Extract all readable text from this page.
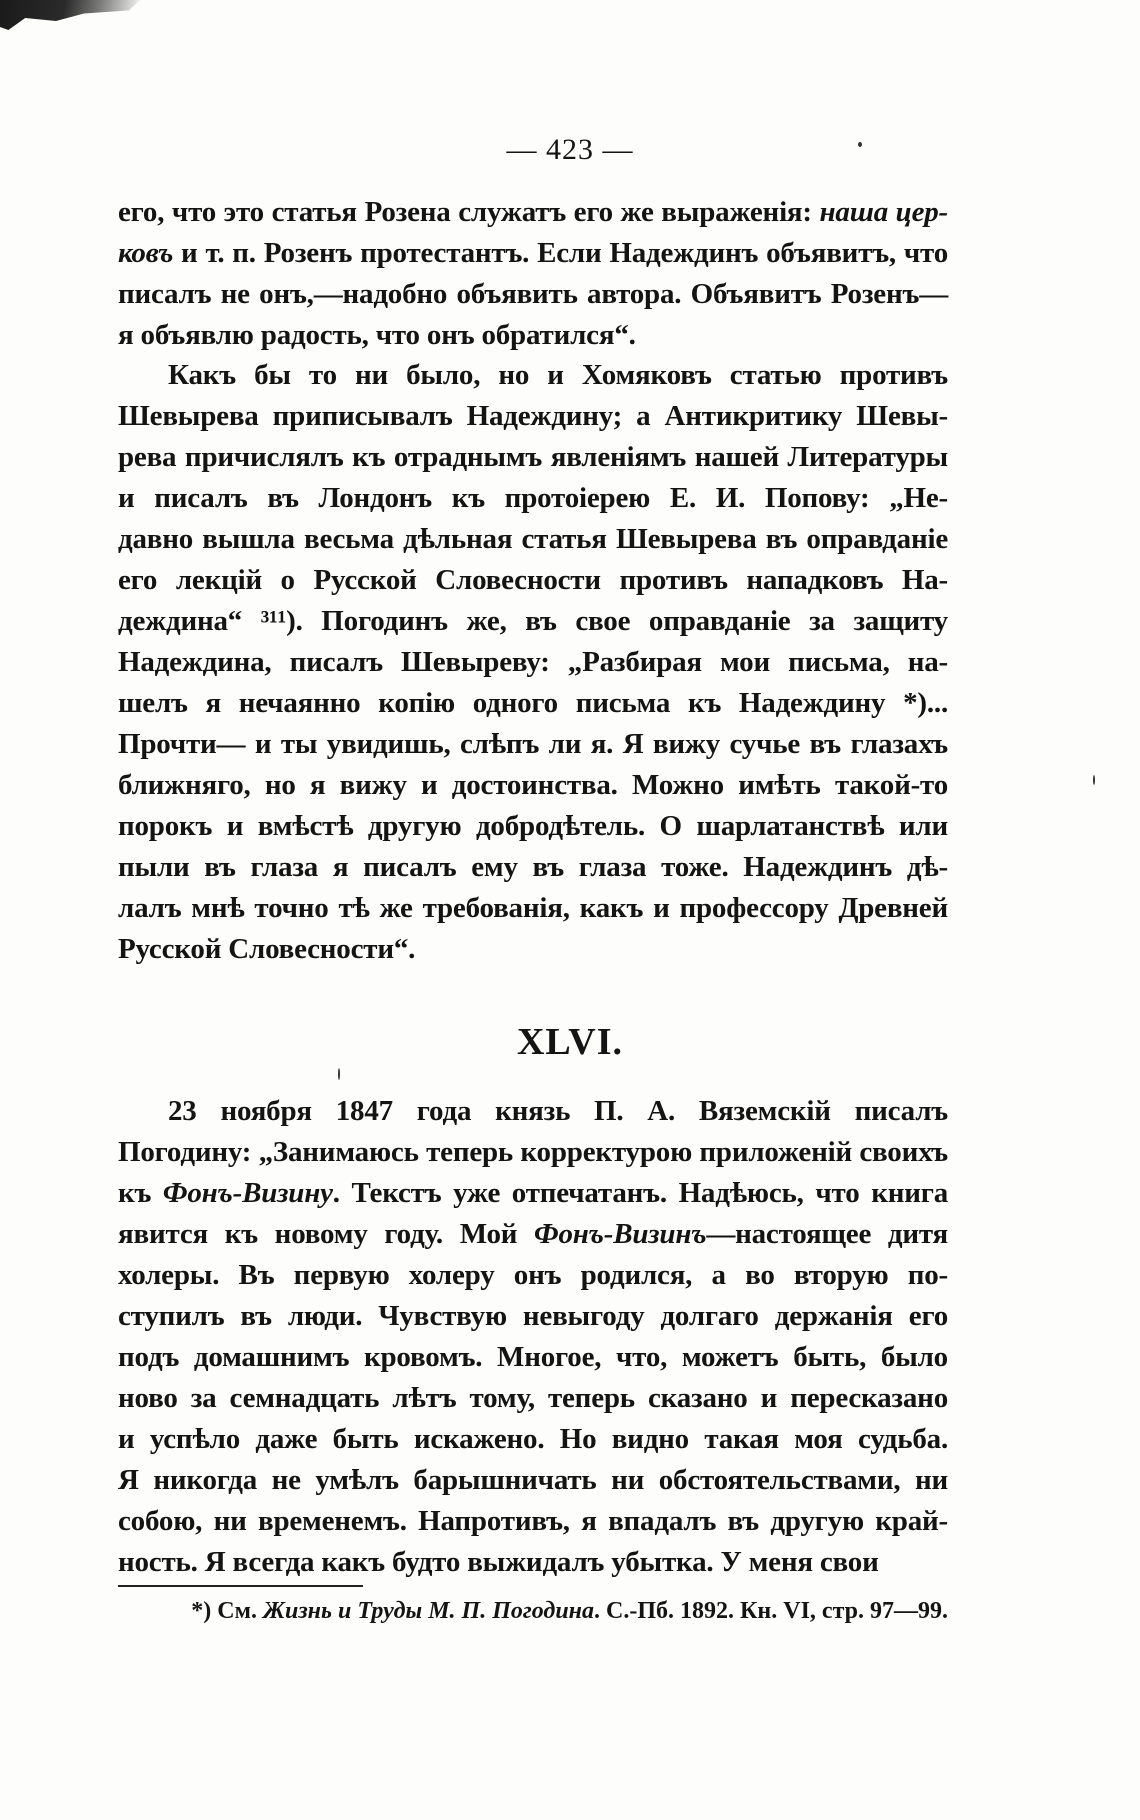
— 423 —
его, что это статья Розена служатъ его же выраженія: наша цер-
ковъ и т. п. Розенъ протестантъ. Если Надеждинъ объявитъ, что
писалъ не онъ,—надобно объявить автора. Объявитъ Розенъ—
я объявлю радость, что онъ обратился“.
Какъ бы то ни было, но и Хомяковъ статью противъ
Шевырева приписывалъ Надеждину; а Антикритику Шевы-
рева причислялъ къ отраднымъ явленіямъ нашей Литературы
и писалъ въ Лондонъ къ протоіерею Е. И. Попову: „Не-
давно вышла весьма дѣльная статья Шевырева въ оправданіе
его лекцій о Русской Словесности противъ нападковъ На-
деждина“ ³¹¹). Погодинъ же, въ свое оправданіе за защиту
Надеждина, писалъ Шевыреву: „Разбирая мои письма, на-
шелъ я нечаянно копію одного письма къ Надеждину *)...
Прочти— и ты увидишь, слѣпъ ли я. Я вижу сучье въ глазахъ
ближняго, но я вижу и достоинства. Можно имѣть такой-то
порокъ и вмѣстѣ другую добродѣтель. О шарлатанствѣ или
пыли въ глаза я писалъ ему въ глаза тоже. Надеждинъ дѣ-
лалъ мнѣ точно тѣ же требованія, какъ и профессору Древней
Русской Словесности“.
XLVI.
23 ноября 1847 года князь П. А. Вяземскій писалъ
Погодину: „Занимаюсь теперь корректурою приложеній своихъ
къ Фонъ-Визину. Текстъ уже отпечатанъ. Надѣюсь, что книга
явится къ новому году. Мой Фонъ-Визинъ—настоящее дитя
холеры. Въ первую холеру онъ родился, а во вторую по-
ступилъ въ люди. Чувствую невыгоду долгаго держанія его
подъ домашнимъ кровомъ. Многое, что, можетъ быть, было
ново за семнадцать лѣтъ тому, теперь сказано и пересказано
и успѣло даже быть искажено. Но видно такая моя судьба.
Я никогда не умѣлъ барышничать ни обстоятельствами, ни
собою, ни временемъ. Напротивъ, я впадалъ въ другую край-
ность. Я всегда какъ будто выжидалъ убытка. У меня свои
*) См. Жизнь и Труды М. П. Погодина. С.-Пб. 1892. Кн. VI, стр. 97—99.
